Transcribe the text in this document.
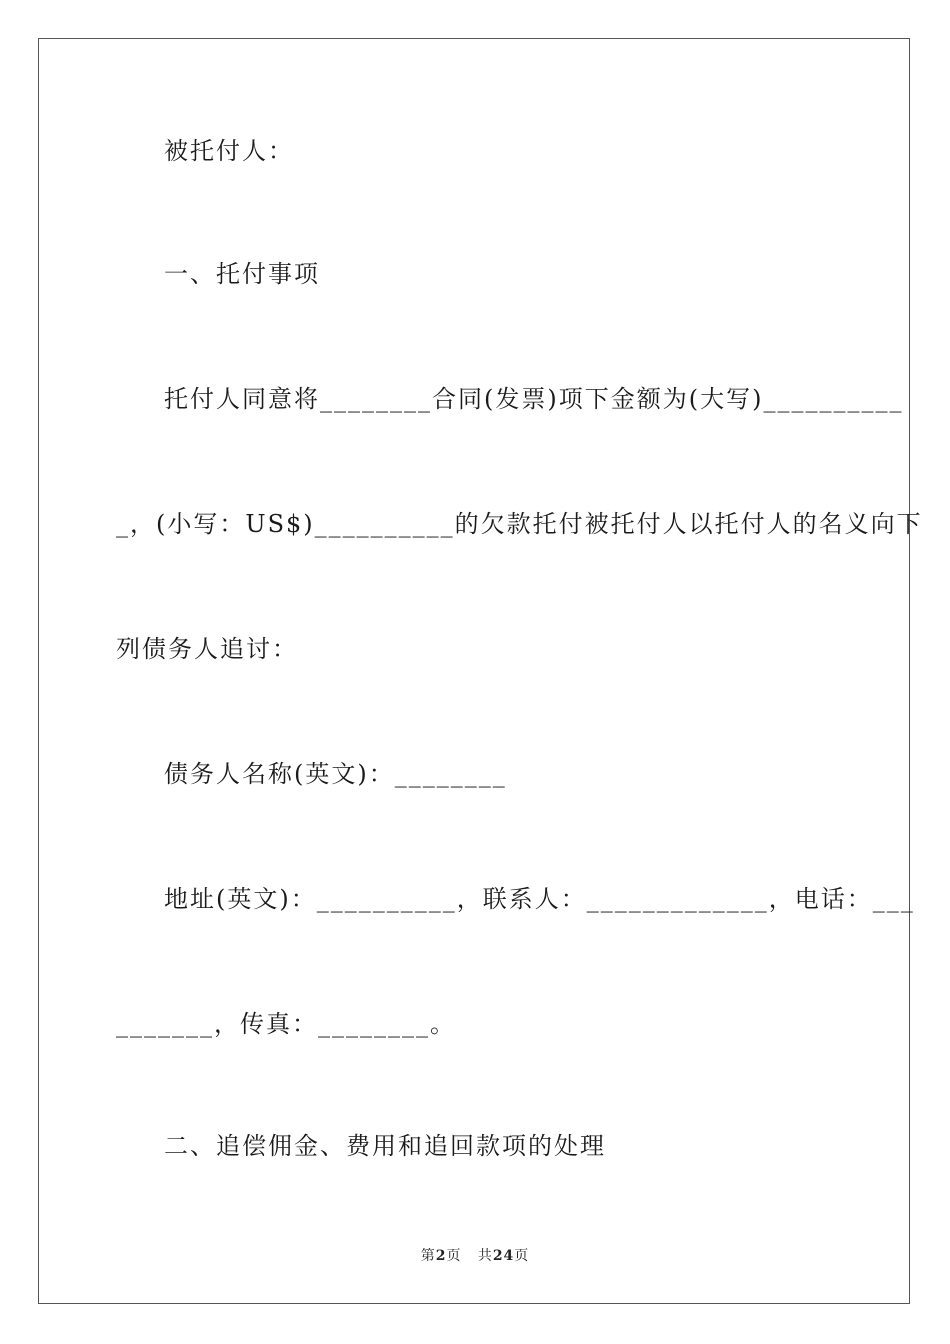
被托付人：
一、托付事项
托付人同意将________合同(发票)项下金额为(大写)__________
_，(小写：US$)__________的欠款托付被托付人以托付人的名义向下
列债务人追讨：
债务人名称(英文)：________
地址(英文)：__________，联系人：_____________，电话：___
_______，传真：________。
二、追偿佣金、费用和追回款项的处理
第2页 共24页
